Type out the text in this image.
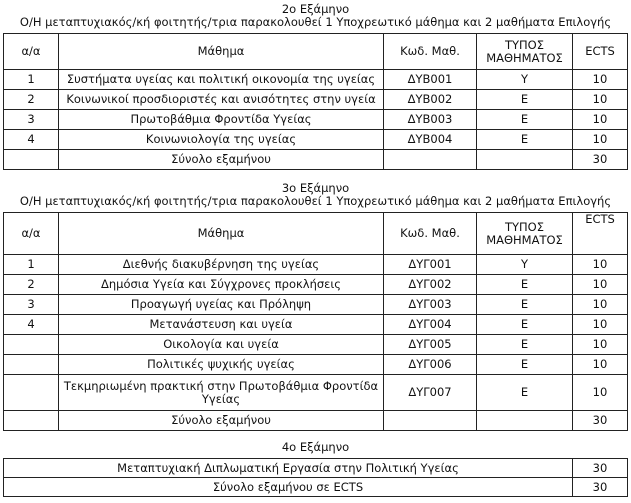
2ο Εξάμηνο
Ο/Η μεταπτυχιακός/κή φοιτητής/τρια παρακολουθεί 1 Υποχρεωτικό μάθημα και 2 μαθήματα Επιλογής
α/α	Μάθημα	Κωδ. Μαθ.	ΤΥΠΟΣ ΜΑΘΗΜΑΤΟΣ	ECTS
1	Συστήματα υγείας και πολιτική οικονομία της υγείας	ΔΥΒ001	Υ	10
2	Κοινωνικοί προσδιοριστές και ανισότητες στην υγεία	ΔΥΒ002	Ε	10
3	Πρωτοβάθμια Φροντίδα Υγείας	ΔΥΒ003	Ε	10
4	Κοινωνιολογία της υγείας	ΔΥΒ004	Ε	10
	Σύνολο εξαμήνου			30
3ο Εξάμηνο
Ο/Η μεταπτυχιακός/κή φοιτητής/τρια παρακολουθεί 1 Υποχρεωτικό μάθημα και 2 μαθήματα Επιλογής
α/α	Μάθημα	Κωδ. Μαθ.	ΤΥΠΟΣ ΜΑΘΗΜΑΤΟΣ	ECTS
1	Διεθνής διακυβέρνηση της υγείας	ΔΥΓ001	Υ	10
2	Δημόσια Υγεία και Σύγχρονες προκλήσεις	ΔΥΓ002	Ε	10
3	Προαγωγή υγείας και Πρόληψη	ΔΥΓ003	Ε	10
4	Μετανάστευση και υγεία	ΔΥΓ004	Ε	10
	Οικολογία και υγεία	ΔΥΓ005	Ε	10
	Πολιτικές ψυχικής υγείας	ΔΥΓ006	Ε	10
	Τεκμηριωμένη πρακτική στην Πρωτοβάθμια Φροντίδα Υγείας	ΔΥΓ007	Ε	10
	Σύνολο εξαμήνου			30
4ο Εξάμηνο
Μεταπτυχιακή Διπλωματική Εργασία στην Πολιτική Υγείας	30
Σύνολο εξαμήνου σε ECTS	30
